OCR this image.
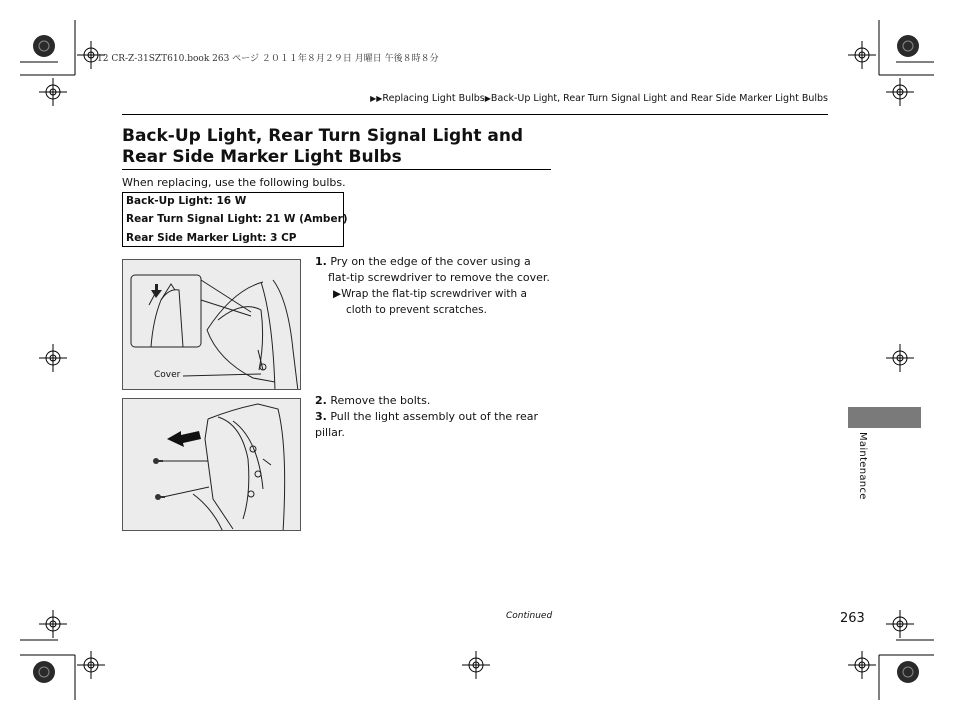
12 CR-Z-31SZT610.book 263 ページ ２０１１年８月２９日 月曜日 午後８時８分
▶▶Replacing Light Bulbs▶Back-Up Light, Rear Turn Signal Light and Rear Side Marker Light Bulbs
Back-Up Light, Rear Turn Signal Light and Rear Side Marker Light Bulbs
When replacing, use the following bulbs.
Back-Up Light: 16 W
Rear Turn Signal Light: 21 W (Amber)
Rear Side Marker Light: 3 CP
Cover
1. Pry on the edge of the cover using a flat-tip screwdriver to remove the cover.
▶Wrap the flat-tip screwdriver with a cloth to prevent scratches.
2. Remove the bolts.
3. Pull the light assembly out of the rear pillar.	Maintenance
Continued	263
